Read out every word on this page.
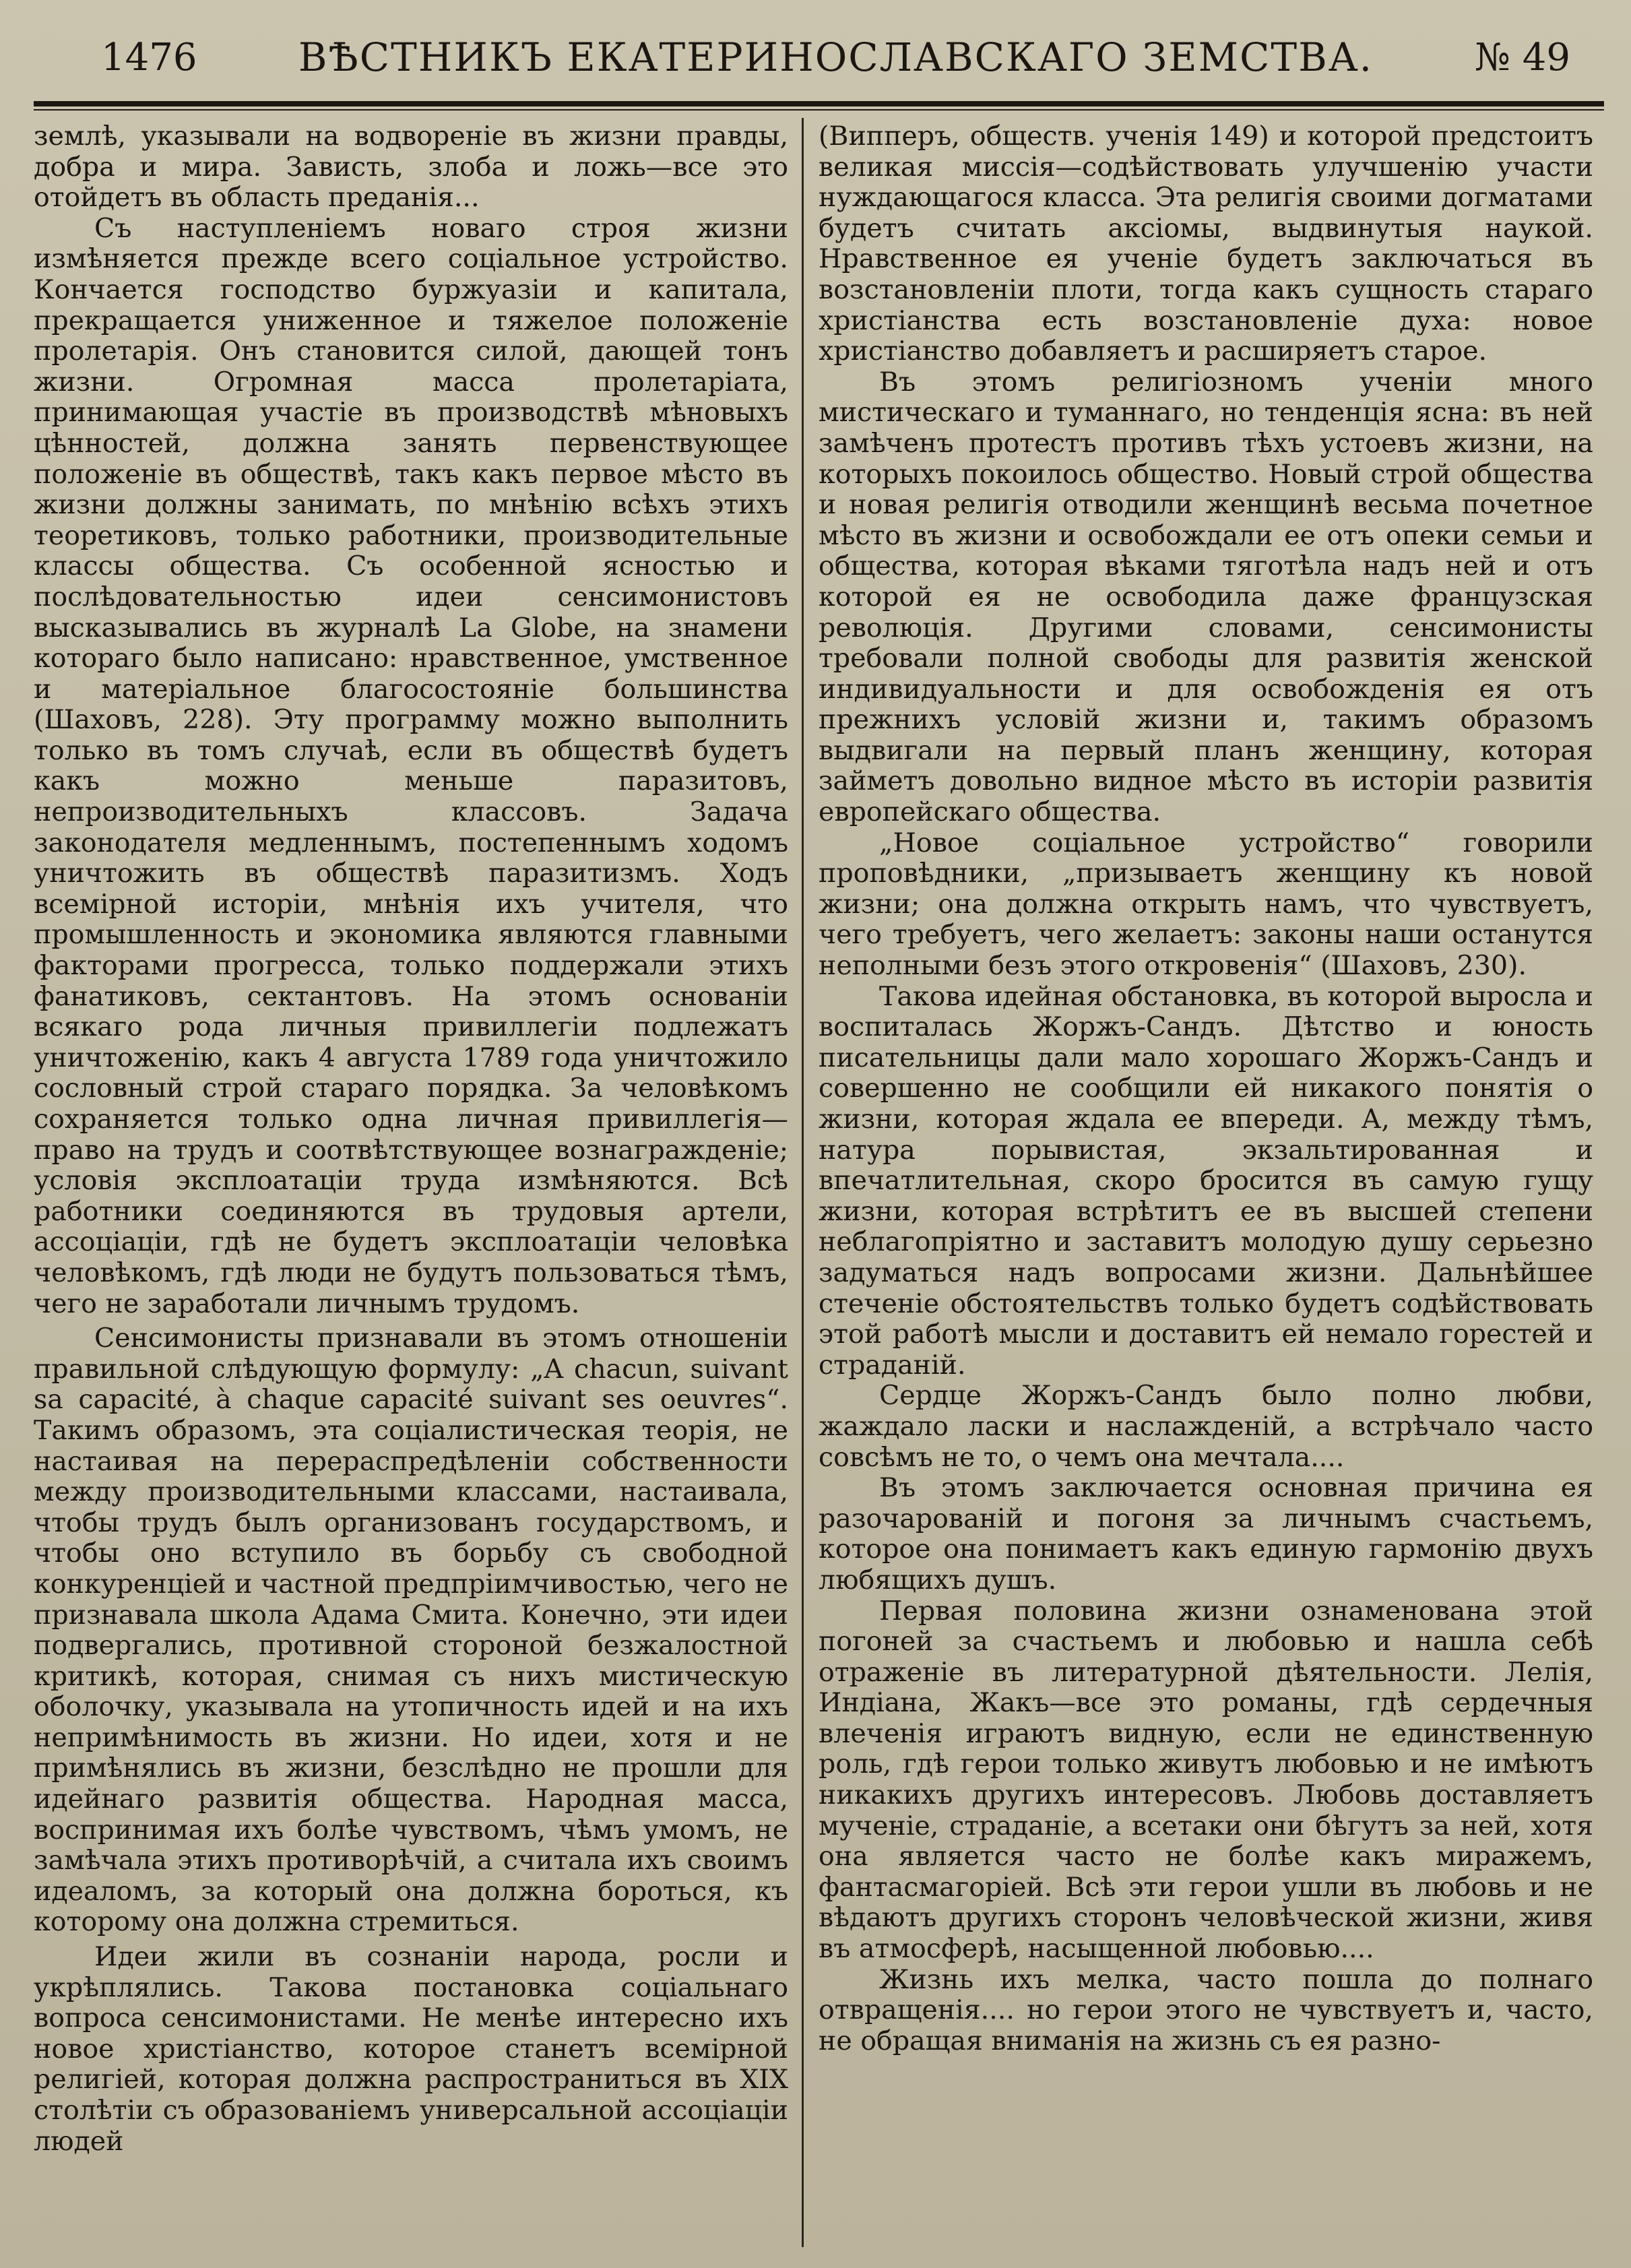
1476	ВѢСТНИКЪ ЕКАТЕРИНОСЛАВСКАГО ЗЕМСТВА.	№ 49

землѣ, указывали на водвореніе въ жизни правды, добра и мира. Зависть, злоба и ложь—все это отойдетъ въ область преданія...

Съ наступленіемъ новаго строя жизни измѣняется прежде всего соціальное устройство. Кончается господство буржуазіи и капитала, прекращается униженное и тяжелое положеніе пролетарія. Онъ становится силой, дающей тонъ жизни. Огромная масса пролетаріата, принимающая участіе въ производствѣ мѣновыхъ цѣнностей, должна занять первенствующее положеніе въ обществѣ, такъ какъ первое мѣсто въ жизни должны занимать, по мнѣнію всѣхъ этихъ теоретиковъ, только работники, производительные классы общества. Съ особенной ясностью и послѣдовательностью идеи сенсимонистовъ высказывались въ журналѣ La Globe, на знамени котораго было написано: нравственное, умственное и матеріальное благосостояніе большинства (Шаховъ, 228). Эту программу можно выполнить только въ томъ случаѣ, если въ обществѣ будетъ какъ можно меньше паразитовъ, непроизводительныхъ классовъ. Задача законодателя медленнымъ, постепеннымъ ходомъ уничтожить въ обществѣ паразитизмъ. Ходъ всемірной исторіи, мнѣнія ихъ учителя, что промышленность и экономика являются главными факторами прогресса, только поддержали этихъ фанатиковъ, сектантовъ. На этомъ основаніи всякаго рода личныя привиллегіи подлежатъ уничтоженію, какъ 4 августа 1789 года уничтожило сословный строй стараго порядка. За человѣкомъ сохраняется только одна личная привиллегія—право на трудъ и соотвѣтствующее вознагражденіе; условія эксплоатаціи труда измѣняются. Всѣ работники соединяются въ трудовыя артели, ассоціаціи, гдѣ не будетъ эксплоатаціи человѣка человѣкомъ, гдѣ люди не будутъ пользоваться тѣмъ, чего не заработали личнымъ трудомъ.

Сенсимонисты признавали въ этомъ отношеніи правильной слѣдующую формулу: „A chacun, suivant sa capacité, à chaque capacité suivant ses oeuvres“. Такимъ образомъ, эта соціалистическая теорія, не настаивая на перераспредѣленіи собственности между производительными классами, настаивала, чтобы трудъ былъ организованъ государствомъ, и чтобы оно вступило въ борьбу съ свободной конкуренціей и частной предпріимчивостью, чего не признавала школа Адама Смита. Конечно, эти идеи подвергались, противной стороной безжалостной критикѣ, которая, снимая съ нихъ мистическую оболочку, указывала на утопичность идей и на ихъ непримѣнимость въ жизни. Но идеи, хотя и не примѣнялись въ жизни, безслѣдно не прошли для идейнаго развитія общества. Народная масса, воспринимая ихъ болѣе чувствомъ, чѣмъ умомъ, не замѣчала этихъ противорѣчій, а считала ихъ своимъ идеаломъ, за который она должна бороться, къ которому она должна стремиться.

Идеи жили въ сознаніи народа, росли и укрѣплялись. Такова постановка соціальнаго вопроса сенсимонистами. Не менѣе интересно ихъ новое христіанство, которое станетъ всемірной религіей, которая должна распространиться въ XIX столѣтіи съ образованіемъ универсальной ассоціаціи людей

(Випперъ, обществ. ученія 149) и которой предстоитъ великая миссія—содѣйствовать улучшенію участи нуждающагося класса. Эта религія своими догматами будетъ считать аксіомы, выдвинутыя наукой. Нравственное ея ученіе будетъ заключаться въ возстановленіи плоти, тогда какъ сущность стараго христіанства есть возстановленіе духа: новое христіанство добавляетъ и расширяетъ старое.

Въ этомъ религіозномъ ученіи много мистическаго и туманнаго, но тенденція ясна: въ ней замѣченъ протестъ противъ тѣхъ устоевъ жизни, на которыхъ покоилось общество. Новый строй общества и новая религія отводили женщинѣ весьма почетное мѣсто въ жизни и освобождали ее отъ опеки семьи и общества, которая вѣками тяготѣла надъ ней и отъ которой ея не освободила даже французская революція. Другими словами, сенсимонисты требовали полной свободы для развитія женской индивидуальности и для освобожденія ея отъ прежнихъ условій жизни и, такимъ образомъ выдвигали на первый планъ женщину, которая займетъ довольно видное мѣсто въ исторіи развитія европейскаго общества.

„Новое соціальное устройство“ говорили проповѣдники, „призываетъ женщину къ новой жизни; она должна открыть намъ, что чувствуетъ, чего требуетъ, чего желаетъ: законы наши останутся неполными безъ этого откровенія“ (Шаховъ, 230).

Такова идейная обстановка, въ которой выросла и воспиталась Жоржъ-Сандъ. Дѣтство и юность писательницы дали мало хорошаго Жоржъ-Сандъ и совершенно не сообщили ей никакого понятія о жизни, которая ждала ее впереди. А, между тѣмъ, натура порывистая, экзальтированная и впечатлительная, скоро бросится въ самую гущу жизни, которая встрѣтитъ ее въ высшей степени неблагопріятно и заставитъ молодую душу серьезно задуматься надъ вопросами жизни. Дальнѣйшее стеченіе обстоятельствъ только будетъ содѣйствовать этой работѣ мысли и доставитъ ей немало горестей и страданій.

Сердце Жоржъ-Сандъ было полно любви, жаждало ласки и наслажденій, а встрѣчало часто совсѣмъ не то, о чемъ она мечтала....

Въ этомъ заключается основная причина ея разочарованій и погоня за личнымъ счастьемъ, которое она понимаетъ какъ единую гармонію двухъ любящихъ душъ.

Первая половина жизни ознаменована этой погоней за счастьемъ и любовью и нашла себѣ отраженіе въ литературной дѣятельности. Лелія, Индіана, Жакъ—все это романы, гдѣ сердечныя влеченія играютъ видную, если не единственную роль, гдѣ герои только живутъ любовью и не имѣютъ никакихъ другихъ интересовъ. Любовь доставляетъ мученіе, страданіе, а всетаки они бѣгутъ за ней, хотя она является часто не болѣе какъ миражемъ, фантасмагоріей. Всѣ эти герои ушли въ любовь и не вѣдаютъ другихъ сторонъ человѣческой жизни, живя въ атмосферѣ, насыщенной любовью....

Жизнь ихъ мелка, часто пошла до полнаго отвращенія.... но герои этого не чувствуетъ и, часто, не обращая вниманія на жизнь съ ея разно-
